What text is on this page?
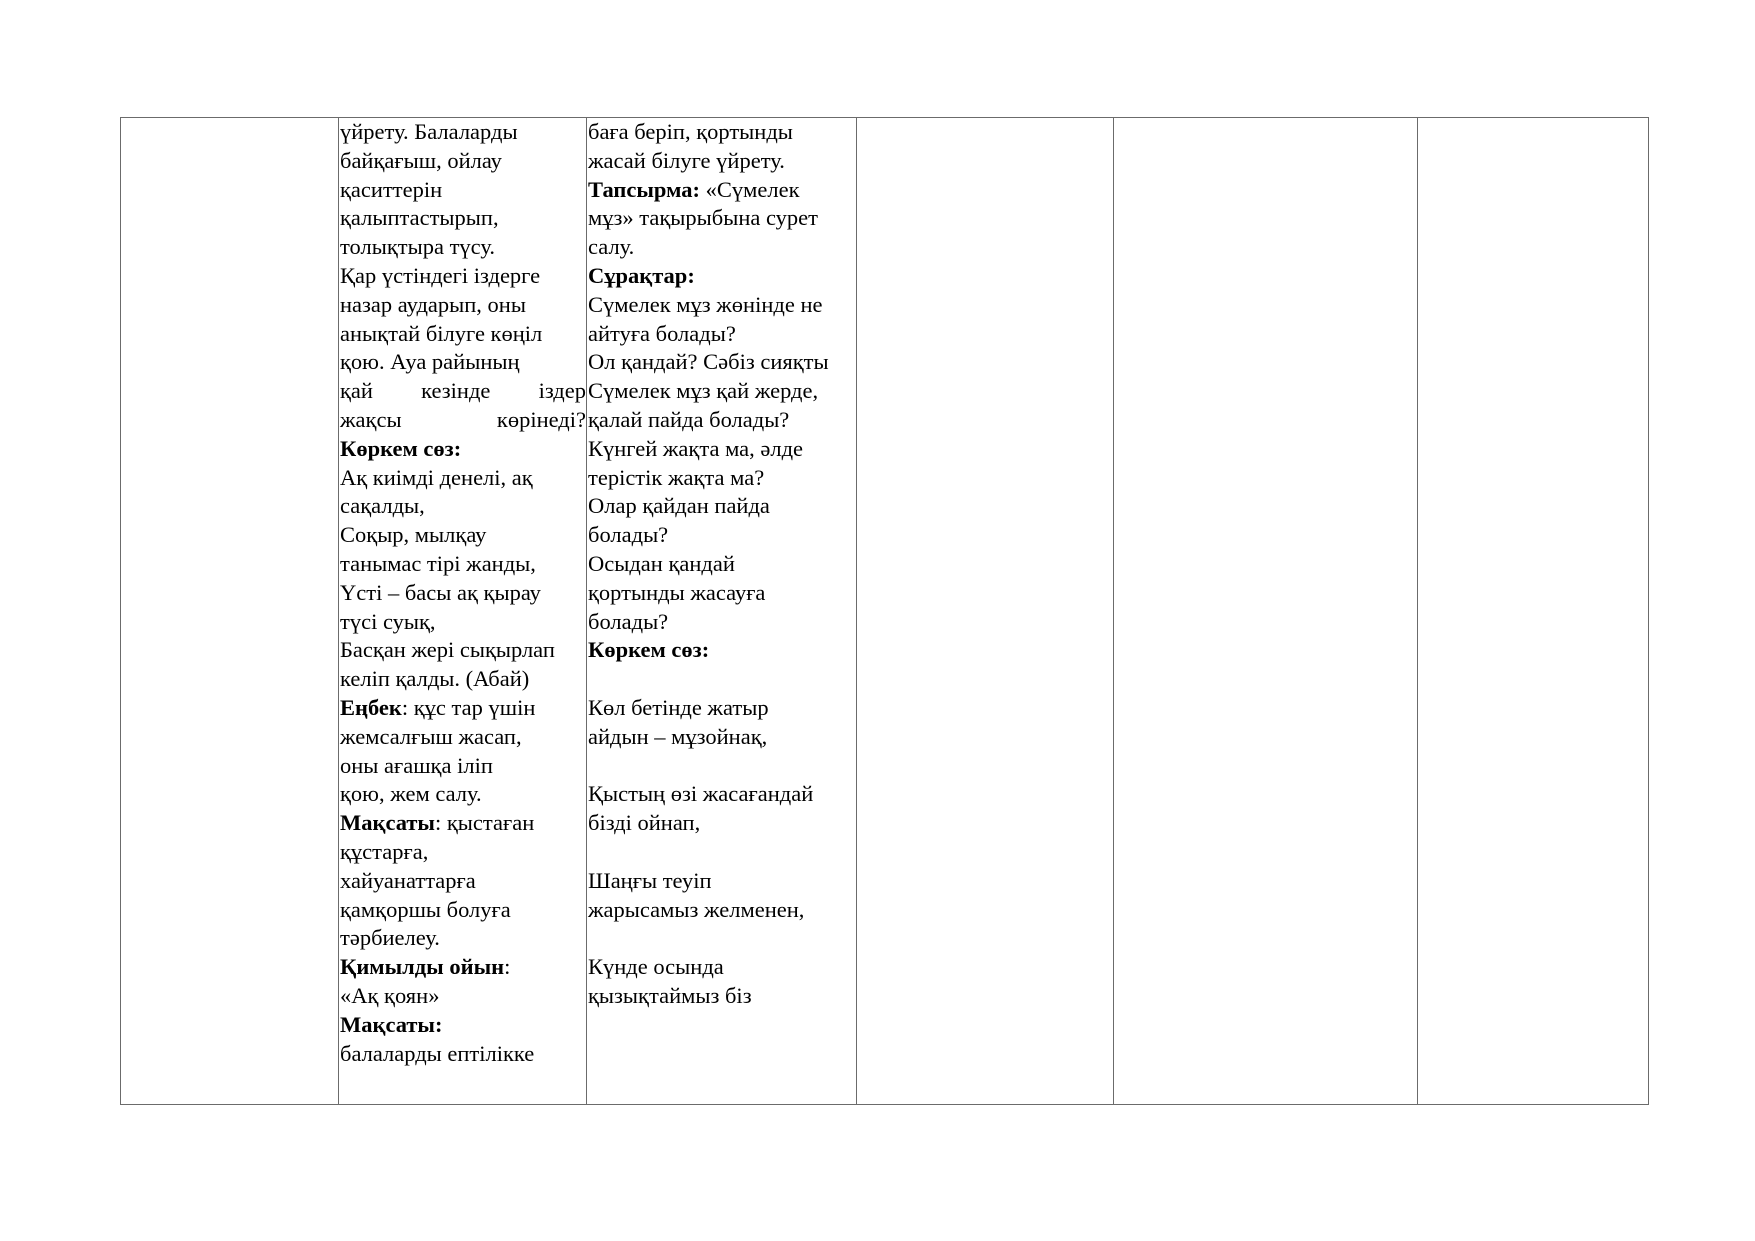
үйрету. Балаларды
байқағыш, ойлау
қаситтерін
қалыптастырып,
толықтыра түсу.
Қар үстіндегі іздерге
назар аударып, оны
анықтай білуге көңіл
қою. Ауа райының
қай кезінде іздер
жақсы	көрінеді?
Көркем сөз:
Ақ киімді денелі, ақ
сақалды,
Соқыр, мылқау
танымас тірі жанды,
Үсті – басы ақ қырау
түсі суық,
Басқан жері сықырлап
келіп қалды. (Абай)
Еңбек: құс тар үшін
жемсалғыш жасап,
оны ағашқа іліп
қою, жем салу.
Мақсаты: қыстаған
құстарға,
хайуанаттарға
қамқоршы болуға
тәрбиелеу.
Қимылды ойын:
«Ақ қоян»
Мақсаты:
балаларды ептілікке

баға беріп, қортынды
жасай білуге үйрету.
Тапсырма: «Сүмелек
мұз» тақырыбына сурет
салу.
Сұрақтар:
Сүмелек мұз жөнінде не
айтуға болады?
Ол қандай? Сәбіз сияқты
Сүмелек мұз қай жерде,
қалай пайда болады?
Күнгей жақта ма, әлде
терістік жақта ма?
Олар қайдан пайда
болады?
Осыдан қандай
қортынды жасауға
болады?
Көркем сөз:
Көл бетінде жатыр
айдын – мұзойнақ,
Қыстың өзі жасағандай
бізді ойнап,
Шаңғы теуіп
жарысамыз желменен,
Күнде осында
қызықтаймыз біз
